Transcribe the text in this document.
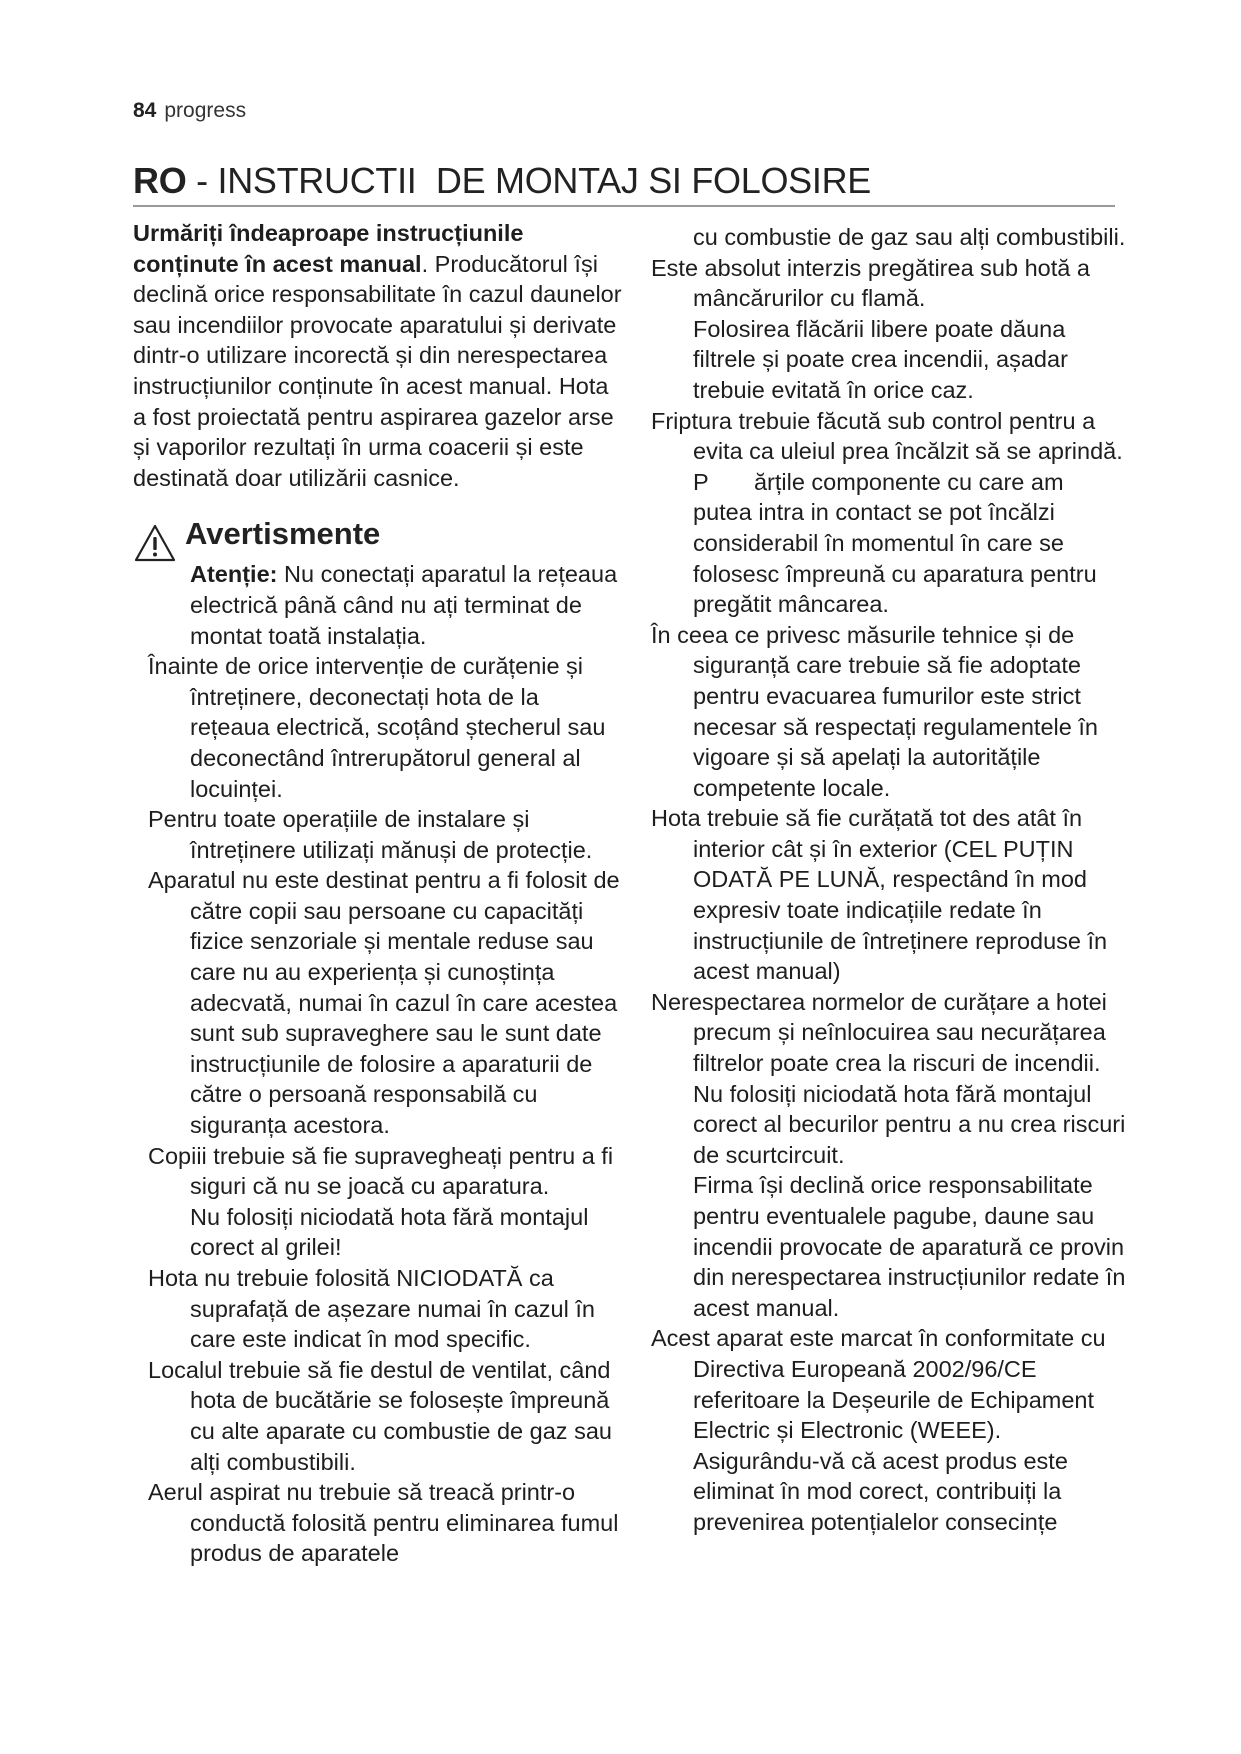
84 progress
RO - INSTRUCTII  DE MONTAJ SI FOLOSIRE
Urmăriți îndeaproape instrucțiunile conținute în acest manual. Producătorul își declină orice responsabilitate în cazul daunelor sau incendiilor provocate aparatului și derivate dintr-o utilizare incorectă și din nerespectarea instrucțiunilor conținute în acest manual. Hota a fost proiectată pentru aspirarea gazelor arse și vaporilor rezultați în urma coacerii și este destinată doar utilizării casnice.
Avertismente
Atenție: Nu conectați aparatul la rețeaua electrică până când nu ați terminat de montat toată instalația.
Înainte de orice intervenție de curățenie și întreținere, deconectați hota de la rețeaua electrică, scoțând ștecherul sau deconectând întrerupătorul general al locuinței.
Pentru toate operațiile de instalare și întreținere utilizați mănuși de protecție.
Aparatul nu este destinat pentru a fi folosit de către copii sau persoane cu capacități fizice senzoriale și mentale reduse sau care nu au experiența și cunoștința adecvată, numai în cazul în care acestea sunt sub supraveghere sau le sunt date instrucțiunile de folosire a aparaturii de către o persoană responsabilă cu siguranța acestora.
Copiii trebuie să fie supravegheați pentru a fi siguri că nu se joacă cu aparatura.
Nu folosiți niciodată hota fără montajul corect al grilei!
Hota nu trebuie folosită NICIODATĂ ca suprafață de așezare numai în cazul în care este indicat în mod specific.
Localul trebuie să fie destul de ventilat, când hota de bucătărie se folosește împreună cu alte aparate cu combustie de gaz sau alți combustibili.
Aerul aspirat nu trebuie să treacă printr-o conductă folosită pentru eliminarea fumul produs de aparatele
cu combustie de gaz sau alți combustibili.
Este absolut interzis pregătirea sub hotă a mâncărurilor cu flamă.
Folosirea flăcării libere poate dăuna filtrele și poate crea incendii, așadar trebuie evitată în orice caz.
Friptura trebuie făcută sub control pentru a evita ca uleiul prea încălzit să se aprindă.
P       ărțile componente cu care am putea intra in contact se pot încălzi considerabil în momentul în care se folosesc împreună cu aparatura pentru pregătit mâncarea.
În ceea ce privesc măsurile tehnice și de siguranță care trebuie să fie adoptate pentru evacuarea fumurilor este strict necesar să respectați regulamentele în vigoare și să apelați la autoritățile competente locale.
Hota trebuie să fie curățată tot des atât în interior cât și în exterior (CEL PUȚIN ODATĂ PE LUNĂ, respectând în mod expresiv toate indicațiile redate în instrucțiunile de întreținere reproduse în acest manual)
Nerespectarea normelor de curățare a hotei precum și neînlocuirea sau necurățarea filtrelor poate crea la riscuri de incendii.
Nu folosiți niciodată hota fără montajul corect al becurilor pentru a nu crea riscuri de scurtcircuit.
Firma își declină orice responsabilitate pentru eventualele pagube, daune sau incendii provocate de aparatură ce provin din nerespectarea instrucțiunilor redate în acest manual.
Acest aparat este marcat în conformitate cu Directiva Europeană 2002/96/CE referitoare la Deșeurile de Echipament Electric și Electronic (WEEE).
Asigurându-vă că acest produs este eliminat în mod corect, contribuiți la prevenirea potențialelor consecințe
